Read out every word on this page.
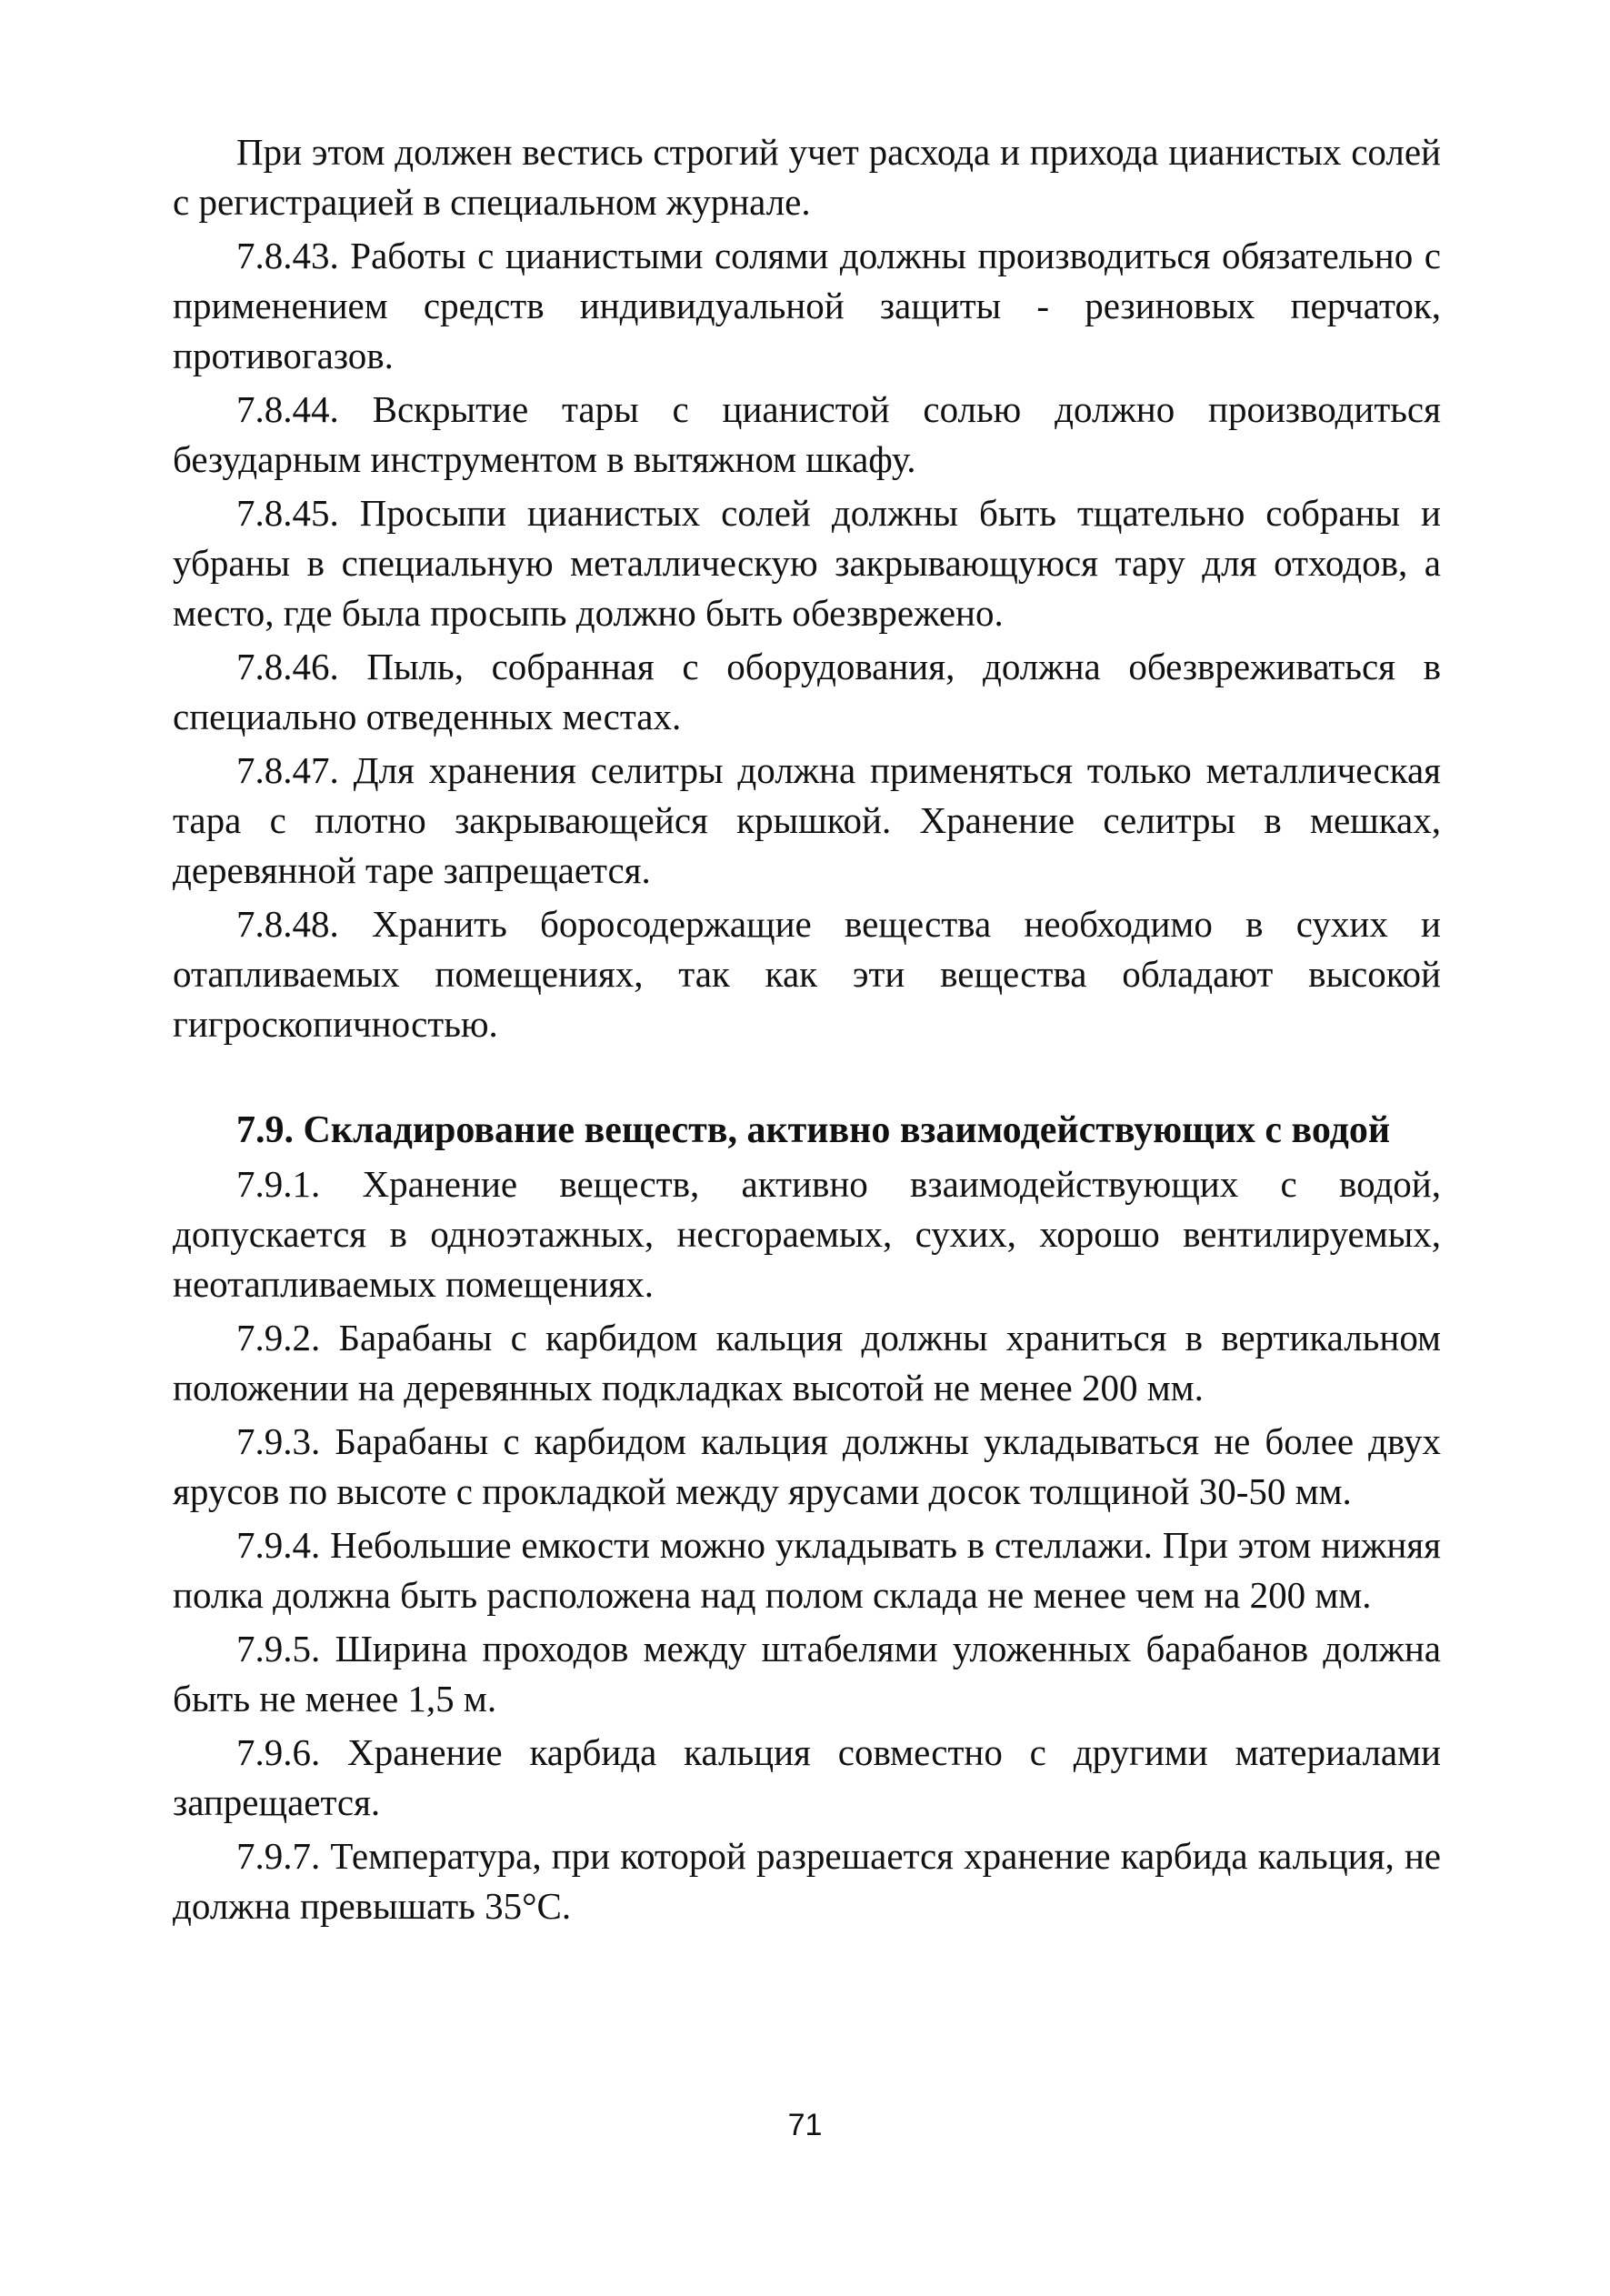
При этом должен вестись строгий учет расхода и прихода цианистых солей с регистрацией в специальном журнале.

7.8.43. Работы с цианистыми солями должны производиться обязательно с применением средств индивидуальной защиты - резиновых перчаток, противогазов.

7.8.44. Вскрытие тары с цианистой солью должно производиться безударным инструментом в вытяжном шкафу.

7.8.45. Просыпи цианистых солей должны быть тщательно собраны и убраны в специальную металлическую закрывающуюся тару для отходов, а место, где была просыпь должно быть обезврежено.

7.8.46. Пыль, собранная с оборудования, должна обезвреживаться в специально отведенных местах.

7.8.47. Для хранения селитры должна применяться только металлическая тара с плотно закрывающейся крышкой. Хранение селитры в мешках, деревянной таре запрещается.

7.8.48. Хранить боросодержащие вещества необходимо в сухих и отапливаемых помещениях, так как эти вещества обладают высокой гигроскопичностью.

7.9. Складирование веществ, активно взаимодействующих с водой

7.9.1. Хранение веществ, активно взаимодействующих с водой, допускается в одноэтажных, несгораемых, сухих, хорошо вентилируемых, неотапливаемых помещениях.

7.9.2. Барабаны с карбидом кальция должны храниться в вертикальном положении на деревянных подкладках высотой не менее 200 мм.

7.9.3. Барабаны с карбидом кальция должны укладываться не более двух ярусов по высоте с прокладкой между ярусами досок толщиной 30-50 мм.

7.9.4. Небольшие емкости можно укладывать в стеллажи. При этом нижняя полка должна быть расположена над полом склада не менее чем на 200 мм.

7.9.5. Ширина проходов между штабелями уложенных барабанов должна быть не менее 1,5 м.

7.9.6. Хранение карбида кальция совместно с другими материалами запрещается.

7.9.7. Температура, при которой разрешается хранение карбида кальция, не должна превышать 35°C.

71
